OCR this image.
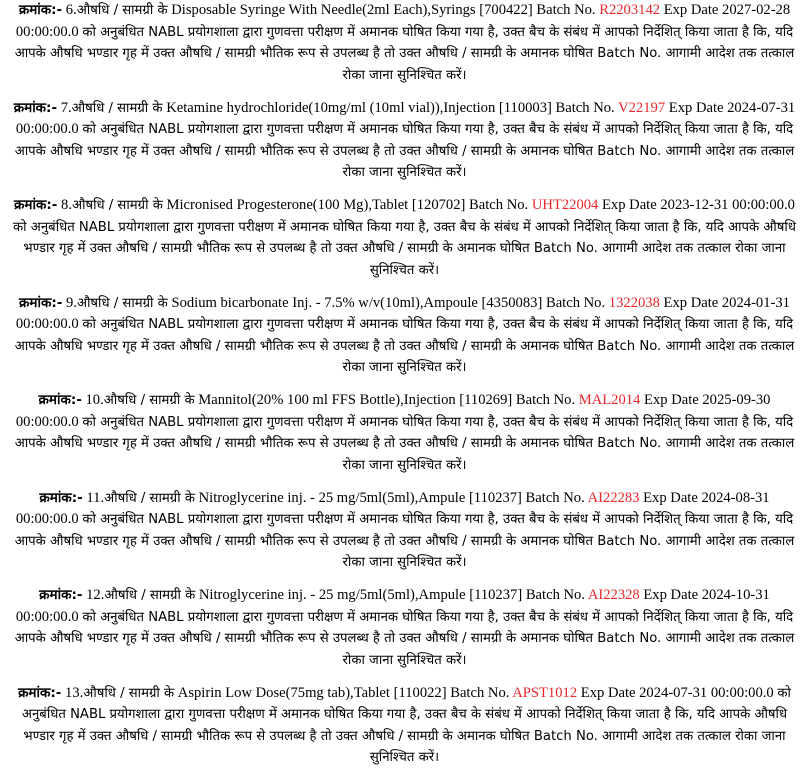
क्रमांक:- 6.औषधि / सामग्री के Disposable Syringe With Needle(2ml Each),Syrings [700422] Batch No. R2203142 Exp Date 2027-02-28 00:00:00.0 को अनुबंधित NABL प्रयोगशाला द्वारा गुणवत्ता परीक्षण में अमानक घोषित किया गया है, उक्त बैच के संबंध में आपको निर्देशित् किया जाता है कि, यदि आपके औषधि भण्डार गृह में उक्त औषधि / सामग्री भौतिक रूप से उपलब्ध है तो उक्त औषधि / सामग्री के अमानक घोषित Batch No. आगामी आदेश तक तत्काल रोका जाना सुनिश्चित करें।

क्रमांक:- 7.औषधि / सामग्री के Ketamine hydrochloride(10mg/ml (10ml vial)),Injection [110003] Batch No. V22197 Exp Date 2024-07-31 00:00:00.0 को अनुबंधित NABL प्रयोगशाला द्वारा गुणवत्ता परीक्षण में अमानक घोषित किया गया है, उक्त बैच के संबंध में आपको निर्देशित् किया जाता है कि, यदि आपके औषधि भण्डार गृह में उक्त औषधि / सामग्री भौतिक रूप से उपलब्ध है तो उक्त औषधि / सामग्री के अमानक घोषित Batch No. आगामी आदेश तक तत्काल रोका जाना सुनिश्चित करें।

क्रमांक:- 8.औषधि / सामग्री के Micronised Progesterone(100 Mg),Tablet [120702] Batch No. UHT22004 Exp Date 2023-12-31 00:00:00.0 को अनुबंधित NABL प्रयोगशाला द्वारा गुणवत्ता परीक्षण में अमानक घोषित किया गया है, उक्त बैच के संबंध में आपको निर्देशित् किया जाता है कि, यदि आपके औषधि भण्डार गृह में उक्त औषधि / सामग्री भौतिक रूप से उपलब्ध है तो उक्त औषधि / सामग्री के अमानक घोषित Batch No. आगामी आदेश तक तत्काल रोका जाना सुनिश्चित करें।

क्रमांक:- 9.औषधि / सामग्री के Sodium bicarbonate Inj. - 7.5% w/v(10ml),Ampoule [4350083] Batch No. 1322038 Exp Date 2024-01-31 00:00:00.0 को अनुबंधित NABL प्रयोगशाला द्वारा गुणवत्ता परीक्षण में अमानक घोषित किया गया है, उक्त बैच के संबंध में आपको निर्देशित् किया जाता है कि, यदि आपके औषधि भण्डार गृह में उक्त औषधि / सामग्री भौतिक रूप से उपलब्ध है तो उक्त औषधि / सामग्री के अमानक घोषित Batch No. आगामी आदेश तक तत्काल रोका जाना सुनिश्चित करें।

क्रमांक:- 10.औषधि / सामग्री के Mannitol(20% 100 ml FFS Bottle),Injection [110269] Batch No. MAL2014 Exp Date 2025-09-30 00:00:00.0 को अनुबंधित NABL प्रयोगशाला द्वारा गुणवत्ता परीक्षण में अमानक घोषित किया गया है, उक्त बैच के संबंध में आपको निर्देशित् किया जाता है कि, यदि आपके औषधि भण्डार गृह में उक्त औषधि / सामग्री भौतिक रूप से उपलब्ध है तो उक्त औषधि / सामग्री के अमानक घोषित Batch No. आगामी आदेश तक तत्काल रोका जाना सुनिश्चित करें।

क्रमांक:- 11.औषधि / सामग्री के Nitroglycerine inj. - 25 mg/5ml(5ml),Ampule [110237] Batch No. AI22283 Exp Date 2024-08-31 00:00:00.0 को अनुबंधित NABL प्रयोगशाला द्वारा गुणवत्ता परीक्षण में अमानक घोषित किया गया है, उक्त बैच के संबंध में आपको निर्देशित् किया जाता है कि, यदि आपके औषधि भण्डार गृह में उक्त औषधि / सामग्री भौतिक रूप से उपलब्ध है तो उक्त औषधि / सामग्री के अमानक घोषित Batch No. आगामी आदेश तक तत्काल रोका जाना सुनिश्चित करें।

क्रमांक:- 12.औषधि / सामग्री के Nitroglycerine inj. - 25 mg/5ml(5ml),Ampule [110237] Batch No. AI22328 Exp Date 2024-10-31 00:00:00.0 को अनुबंधित NABL प्रयोगशाला द्वारा गुणवत्ता परीक्षण में अमानक घोषित किया गया है, उक्त बैच के संबंध में आपको निर्देशित् किया जाता है कि, यदि आपके औषधि भण्डार गृह में उक्त औषधि / सामग्री भौतिक रूप से उपलब्ध है तो उक्त औषधि / सामग्री के अमानक घोषित Batch No. आगामी आदेश तक तत्काल रोका जाना सुनिश्चित करें।

क्रमांक:- 13.औषधि / सामग्री के Aspirin Low Dose(75mg tab),Tablet [110022] Batch No. APST1012 Exp Date 2024-07-31 00:00:00.0 को अनुबंधित NABL प्रयोगशाला द्वारा गुणवत्ता परीक्षण में अमानक घोषित किया गया है, उक्त बैच के संबंध में आपको निर्देशित् किया जाता है कि, यदि आपके औषधि भण्डार गृह में उक्त औषधि / सामग्री भौतिक रूप से उपलब्ध है तो उक्त औषधि / सामग्री के अमानक घोषित Batch No. आगामी आदेश तक तत्काल रोका जाना सुनिश्चित करें।
